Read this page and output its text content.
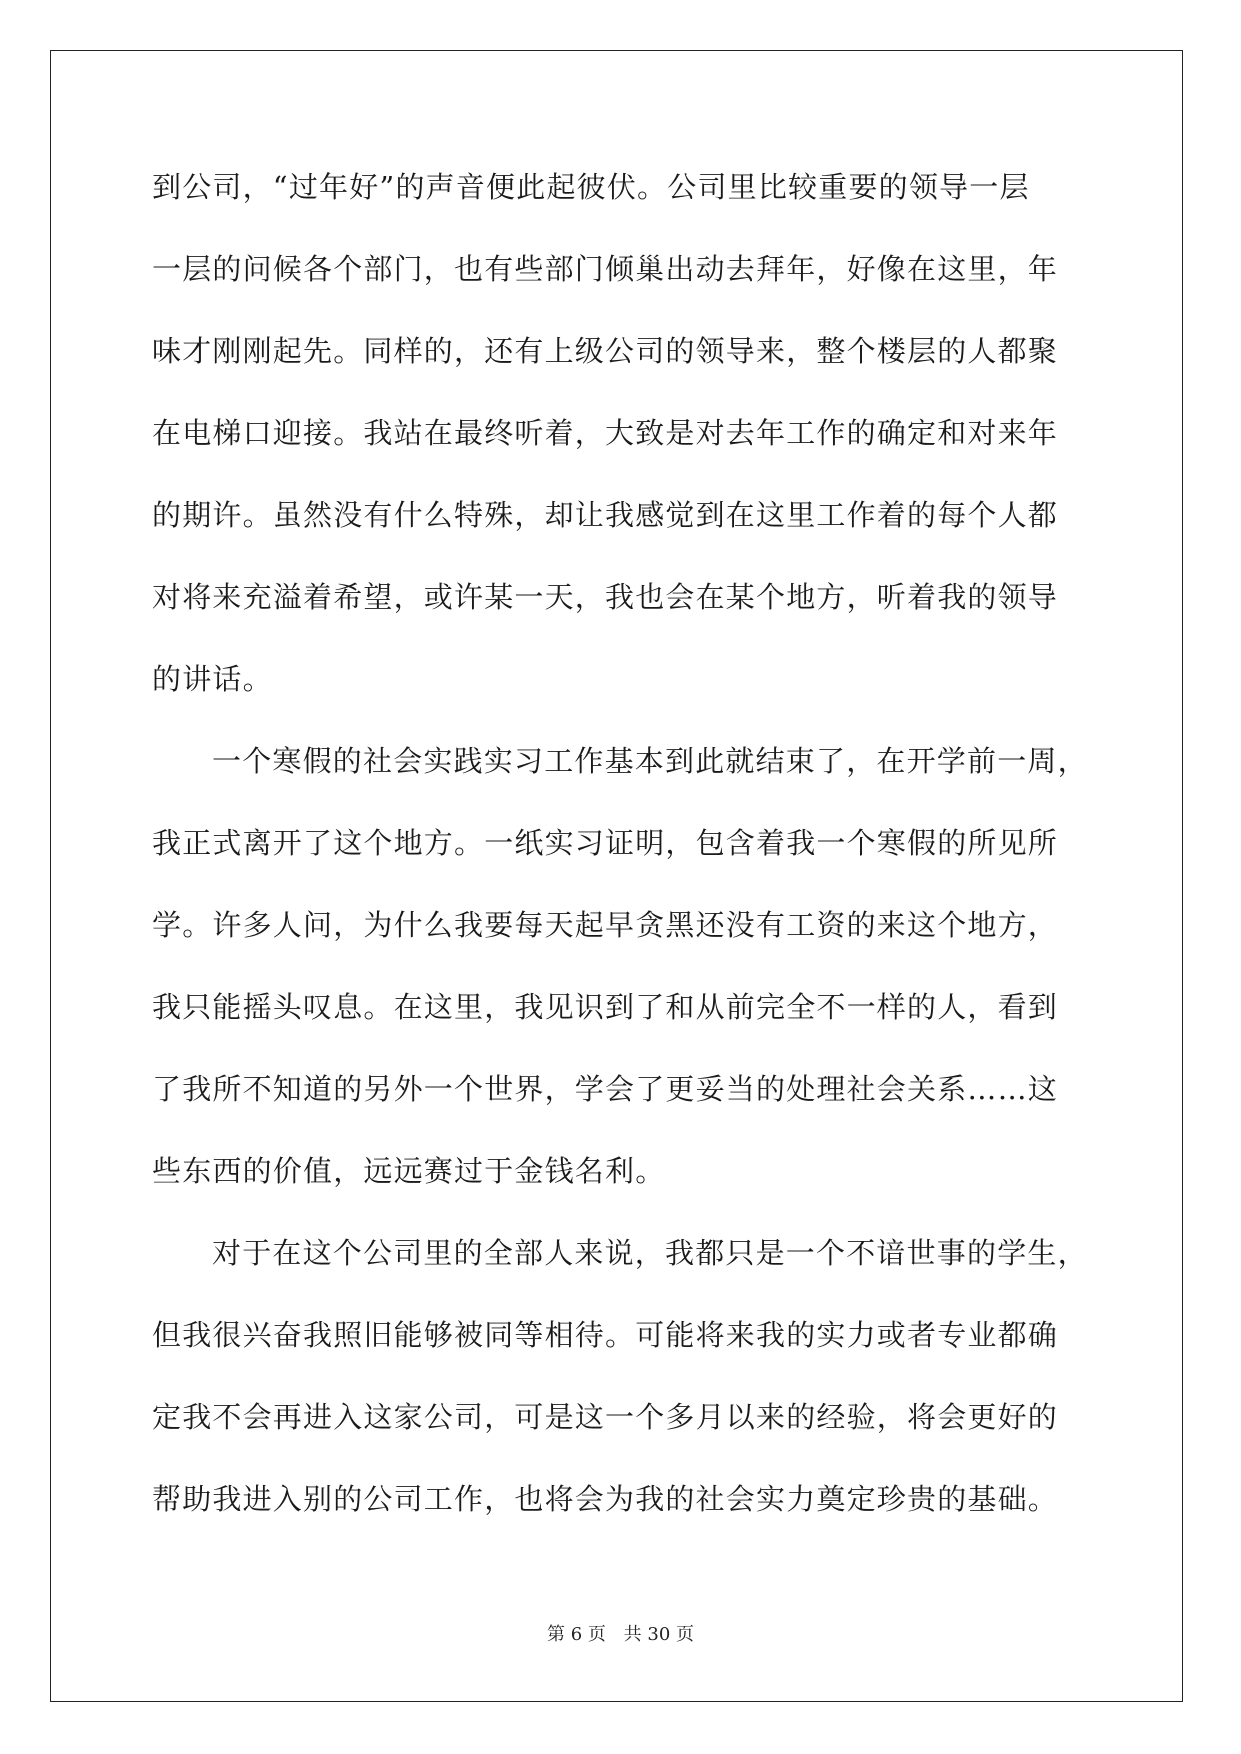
到公司，“过年好”的声音便此起彼伏。公司里比较重要的领导一层
一层的问候各个部门，也有些部门倾巢出动去拜年，好像在这里，年
味才刚刚起先。同样的，还有上级公司的领导来，整个楼层的人都聚
在电梯口迎接。我站在最终听着，大致是对去年工作的确定和对来年
的期许。虽然没有什么特殊，却让我感觉到在这里工作着的每个人都
对将来充溢着希望，或许某一天，我也会在某个地方，听着我的领导
的讲话。

一个寒假的社会实践实习工作基本到此就结束了，在开学前一周，
我正式离开了这个地方。一纸实习证明，包含着我一个寒假的所见所
学。许多人问，为什么我要每天起早贪黑还没有工资的来这个地方，
我只能摇头叹息。在这里，我见识到了和从前完全不一样的人，看到
了我所不知道的另外一个世界，学会了更妥当的处理社会关系……这
些东西的价值，远远赛过于金钱名利。

对于在这个公司里的全部人来说，我都只是一个不谙世事的学生，
但我很兴奋我照旧能够被同等相待。可能将来我的实力或者专业都确
定我不会再进入这家公司，可是这一个多月以来的经验，将会更好的
帮助我进入别的公司工作，也将会为我的社会实力奠定珍贵的基础。

第 6 页 共 30 页
